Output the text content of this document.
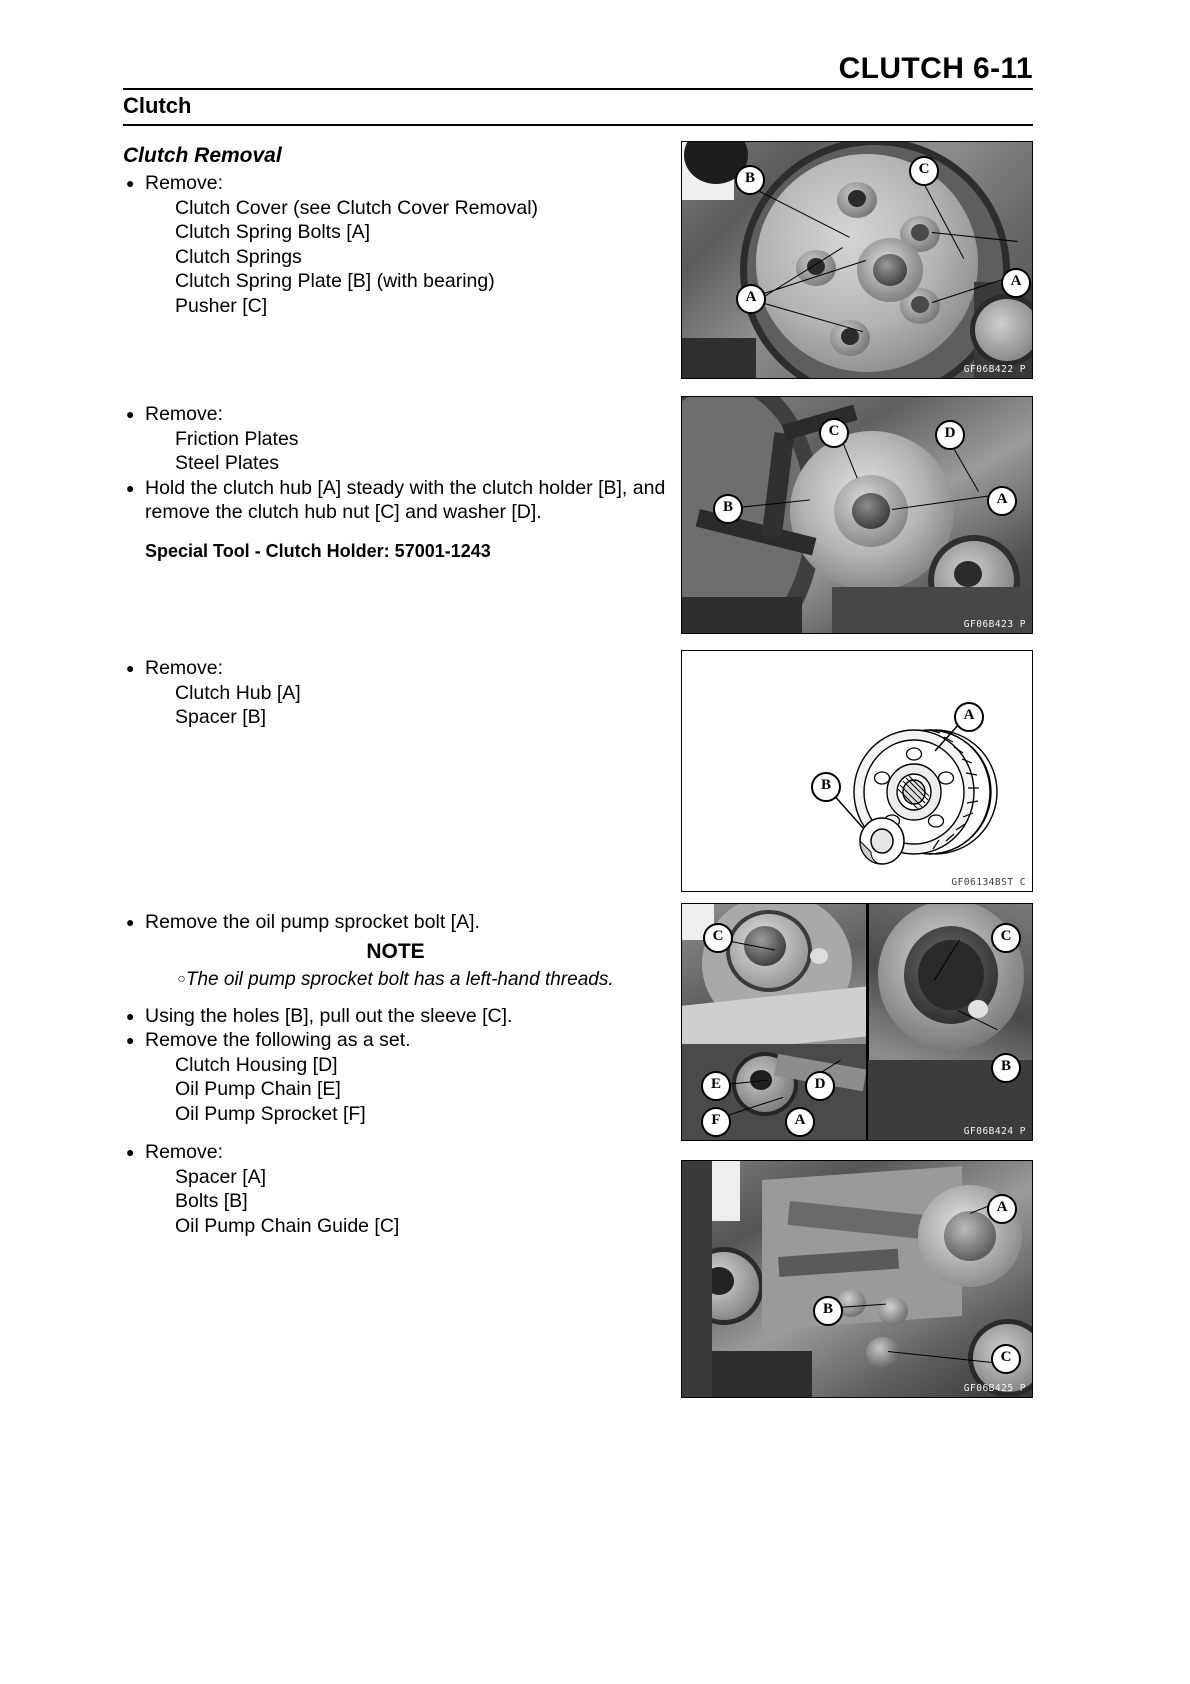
CLUTCH 6-11
Clutch
Clutch Removal
● Remove:
Clutch Cover (see Clutch Cover Removal)
Clutch Spring Bolts [A]
Clutch Springs
Clutch Spring Plate [B] (with bearing)
Pusher [C]
● Remove:
Friction Plates
Steel Plates
● Hold the clutch hub [A] steady with the clutch holder [B], and remove the clutch hub nut [C] and washer [D].
Special Tool - Clutch Holder: 57001-1243
● Remove:
Clutch Hub [A]
Spacer [B]
● Remove the oil pump sprocket bolt [A].
NOTE
○The oil pump sprocket bolt has a left-hand threads.
● Using the holes [B], pull out the sleeve [C].
● Remove the following as a set.
Clutch Housing [D]
Oil Pump Chain [E]
Oil Pump Sprocket [F]
● Remove:
Spacer [A]
Bolts [B]
Oil Pump Chain Guide [C]
A
A
B
C
GF06B422 P
C	D
B	A
GF06B423 P
A
B
GF06134BST C
C
E
F
D
A
C
B
GF06B424 P
A
B
C
GF06B425 P
